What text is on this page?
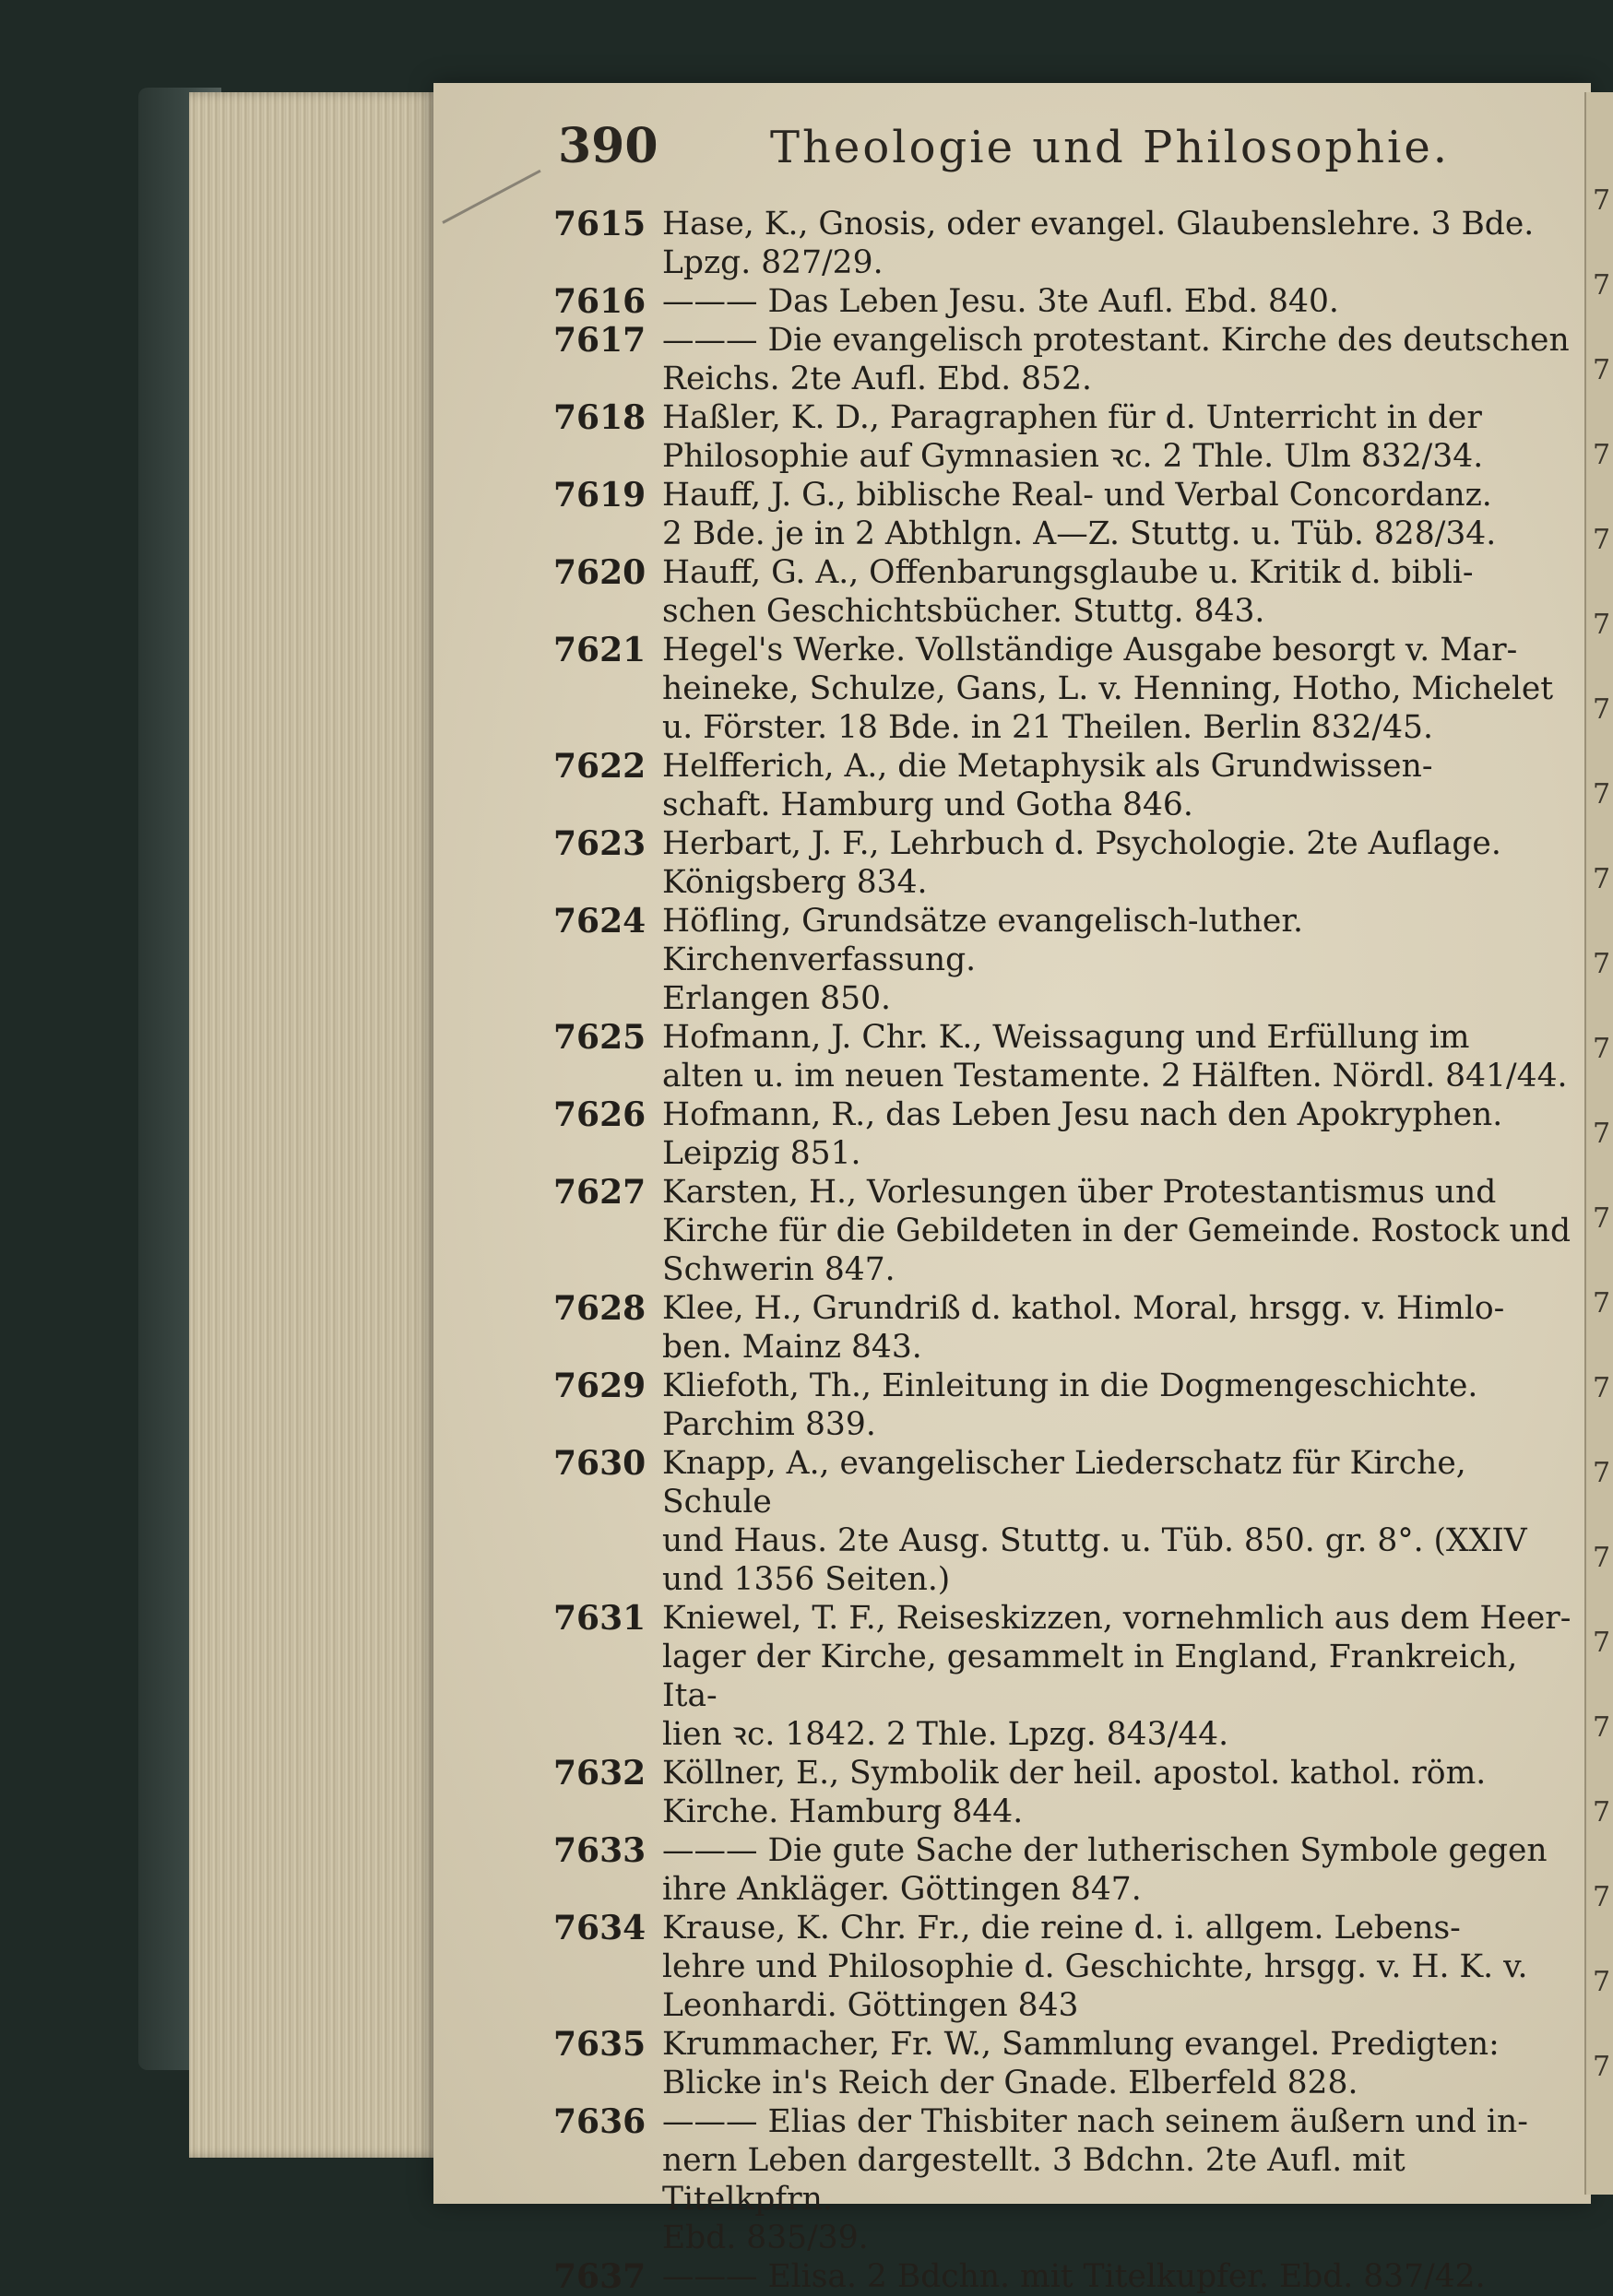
390	Theologie und Philosophie.
7615 Hase, K., Gnosis, oder evangel. Glaubenslehre. 3 Bde.
Lpzg. 827/29.
7616 ——— Das Leben Jesu. 3te Aufl. Ebd. 840.
7617 ——— Die evangelisch protestant. Kirche des deutschen
Reichs. 2te Aufl. Ebd. 852.
7618 Haßler, K. D., Paragraphen für d. Unterricht in der
Philosophie auf Gymnasien ꝛc. 2 Thle. Ulm 832/34.
7619 Hauff, J. G., biblische Real- und Verbal Concordanz.
2 Bde. je in 2 Abthlgn. A—Z. Stuttg. u. Tüb. 828/34.
7620 Hauff, G. A., Offenbarungsglaube u. Kritik d. bibli-
schen Geschichtsbücher. Stuttg. 843.
7621 Hegel's Werke. Vollständige Ausgabe besorgt v. Mar-
heineke, Schulze, Gans, L. v. Henning, Hotho, Michelet
u. Förster. 18 Bde. in 21 Theilen. Berlin 832/45.
7622 Helfferich, A., die Metaphysik als Grundwissen-
schaft. Hamburg und Gotha 846.
7623 Herbart, J. F., Lehrbuch d. Psychologie. 2te Auflage.
Königsberg 834.
7624 Höfling, Grundsätze evangelisch-luther. Kirchenverfassung.
Erlangen 850.
7625 Hofmann, J. Chr. K., Weissagung und Erfüllung im
alten u. im neuen Testamente. 2 Hälften. Nördl. 841/44.
7626 Hofmann, R., das Leben Jesu nach den Apokryphen.
Leipzig 851.
7627 Karsten, H., Vorlesungen über Protestantismus und
Kirche für die Gebildeten in der Gemeinde. Rostock und
Schwerin 847.
7628 Klee, H., Grundriß d. kathol. Moral, hrsgg. v. Himlo-
ben. Mainz 843.
7629 Kliefoth, Th., Einleitung in die Dogmengeschichte.
Parchim 839.
7630 Knapp, A., evangelischer Liederschatz für Kirche, Schule
und Haus. 2te Ausg. Stuttg. u. Tüb. 850. gr. 8°. (XXIV
und 1356 Seiten.)
7631 Kniewel, T. F., Reiseskizzen, vornehmlich aus dem Heer-
lager der Kirche, gesammelt in England, Frankreich, Ita-
lien ꝛc. 1842. 2 Thle. Lpzg. 843/44.
7632 Köllner, E., Symbolik der heil. apostol. kathol. röm.
Kirche. Hamburg 844.
7633 ——— Die gute Sache der lutherischen Symbole gegen
ihre Ankläger. Göttingen 847.
7634 Krause, K. Chr. Fr., die reine d. i. allgem. Lebens-
lehre und Philosophie d. Geschichte, hrsgg. v. H. K. v.
Leonhardi. Göttingen 843
7635 Krummacher, Fr. W., Sammlung evangel. Predigten:
Blicke in's Reich der Gnade. Elberfeld 828.
7636 ——— Elias der Thisbiter nach seinem äußern und in-
nern Leben dargestellt. 3 Bdchn. 2te Aufl. mit Titelkpfrn.
Ebd. 835/39.
7637 ——— Elisa. 2 Bdchn. mit Titelkupfer. Ebd. 837/42.
7
7
7
7
7
7
7
7
7
7
7
7
7
7
7
7
7
7
7
7
7
7
7
